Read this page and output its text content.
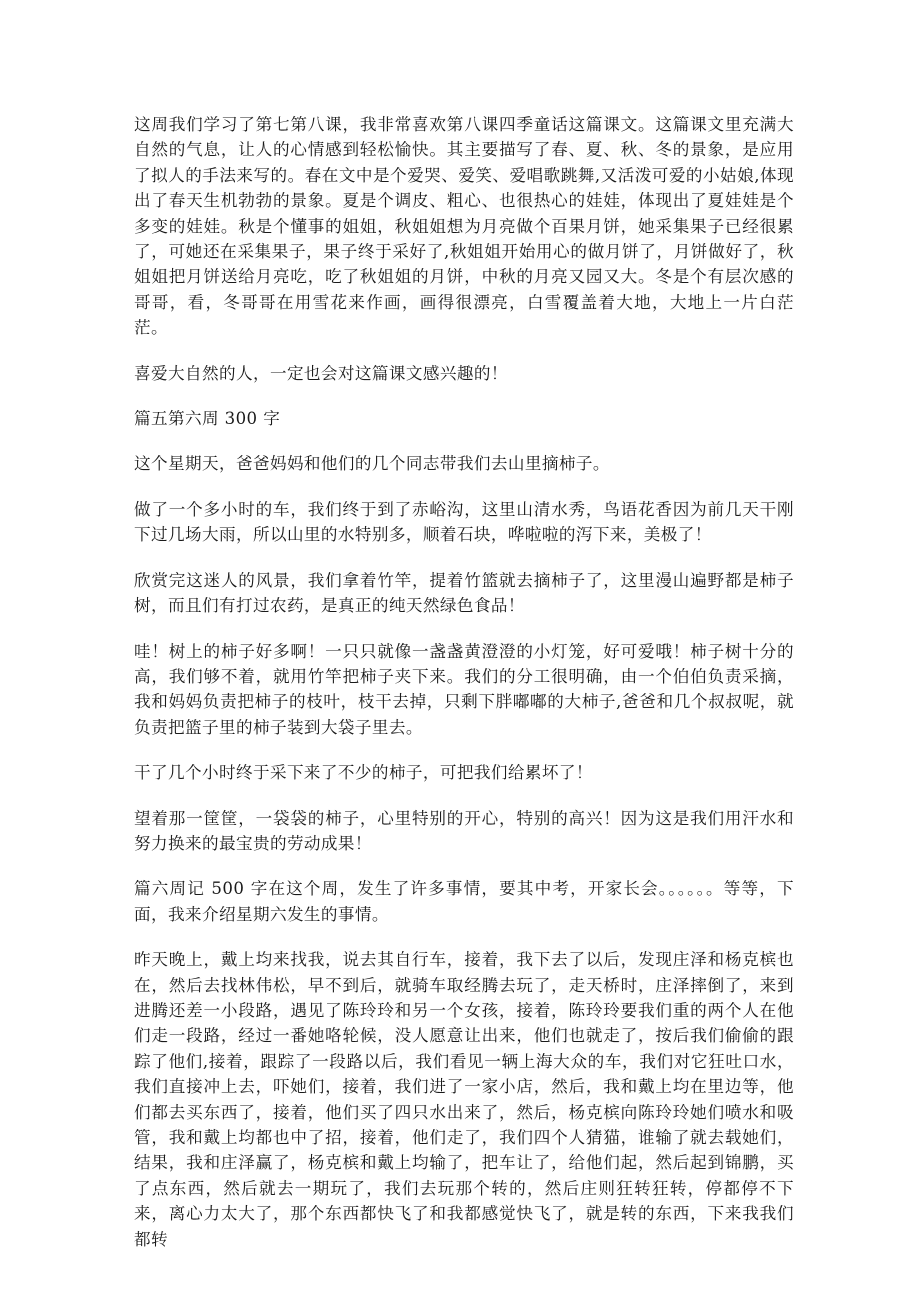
这周我们学习了第七第八课，我非常喜欢第八课四季童话这篇课文。这篇课文里充满大自然的气息，让人的心情感到轻松愉快。其主要描写了春、夏、秋、冬的景象，是应用了拟人的手法来写的。春在文中是个爱哭、爱笑、爱唱歌跳舞,又活泼可爱的小姑娘,体现出了春天生机勃勃的景象。夏是个调皮、粗心、也很热心的娃娃，体现出了夏娃娃是个多变的娃娃。秋是个懂事的姐姐，秋姐姐想为月亮做个百果月饼，她采集果子已经很累了，可她还在采集果子，果子终于采好了,秋姐姐开始用心的做月饼了，月饼做好了，秋姐姐把月饼送给月亮吃，吃了秋姐姐的月饼，中秋的月亮又园又大。冬是个有层次感的哥哥，看，冬哥哥在用雪花来作画，画得很漂亮，白雪覆盖着大地，大地上一片白茫茫。

喜爱大自然的人，一定也会对这篇课文感兴趣的！

篇五第六周 300 字

这个星期天，爸爸妈妈和他们的几个同志带我们去山里摘柿子。

做了一个多小时的车，我们终于到了赤峪沟，这里山清水秀，鸟语花香因为前几天干刚下过几场大雨，所以山里的水特别多，顺着石块，哗啦啦的泻下来，美极了！

欣赏完这迷人的风景，我们拿着竹竿，提着竹篮就去摘柿子了，这里漫山遍野都是柿子树，而且们有打过农药，是真正的纯天然绿色食品！

哇！树上的柿子好多啊！一只只就像一盏盏黄澄澄的小灯笼，好可爱哦！柿子树十分的高，我们够不着，就用竹竿把柿子夹下来。我们的分工很明确，由一个伯伯负责采摘，我和妈妈负责把柿子的枝叶，枝干去掉，只剩下胖嘟嘟的大柿子,爸爸和几个叔叔呢，就负责把篮子里的柿子装到大袋子里去。

干了几个小时终于采下来了不少的柿子，可把我们给累坏了！

望着那一筐筐，一袋袋的柿子，心里特别的开心，特别的高兴！因为这是我们用汗水和努力换来的最宝贵的劳动成果！

篇六周记 500 字在这个周，发生了许多事情，要其中考，开家长会。。。。。。等等，下面，我来介绍星期六发生的事情。

昨天晚上，戴上均来找我，说去其自行车，接着，我下去了以后，发现庄泽和杨克槟也在，然后去找林伟松，早不到后，就骑车取经腾去玩了，走天桥时，庄泽摔倒了，来到进腾还差一小段路，遇见了陈玲玲和另一个女孩，接着，陈玲玲要我们重的两个人在他们走一段路，经过一番她咯轮候，没人愿意让出来，他们也就走了，按后我们偷偷的跟踪了他们,接着，跟踪了一段路以后，我们看见一辆上海大众的车，我们对它狂吐口水，我们直接冲上去，吓她们，接着，我们进了一家小店，然后，我和戴上均在里边等，他们都去买东西了，接着，他们买了四只水出来了，然后，杨克槟向陈玲玲她们喷水和吸管，我和戴上均都也中了招，接着，他们走了，我们四个人猜猫，谁输了就去载她们，结果，我和庄泽赢了，杨克槟和戴上均输了，把车让了，给他们起，然后起到锦鹏，买了点东西，然后就去一期玩了，我们去玩那个转的，然后庄则狂转狂转，停都停不下来，离心力太大了，那个东西都快飞了和我都感觉快飞了，就是转的东西，下来我我们都转
